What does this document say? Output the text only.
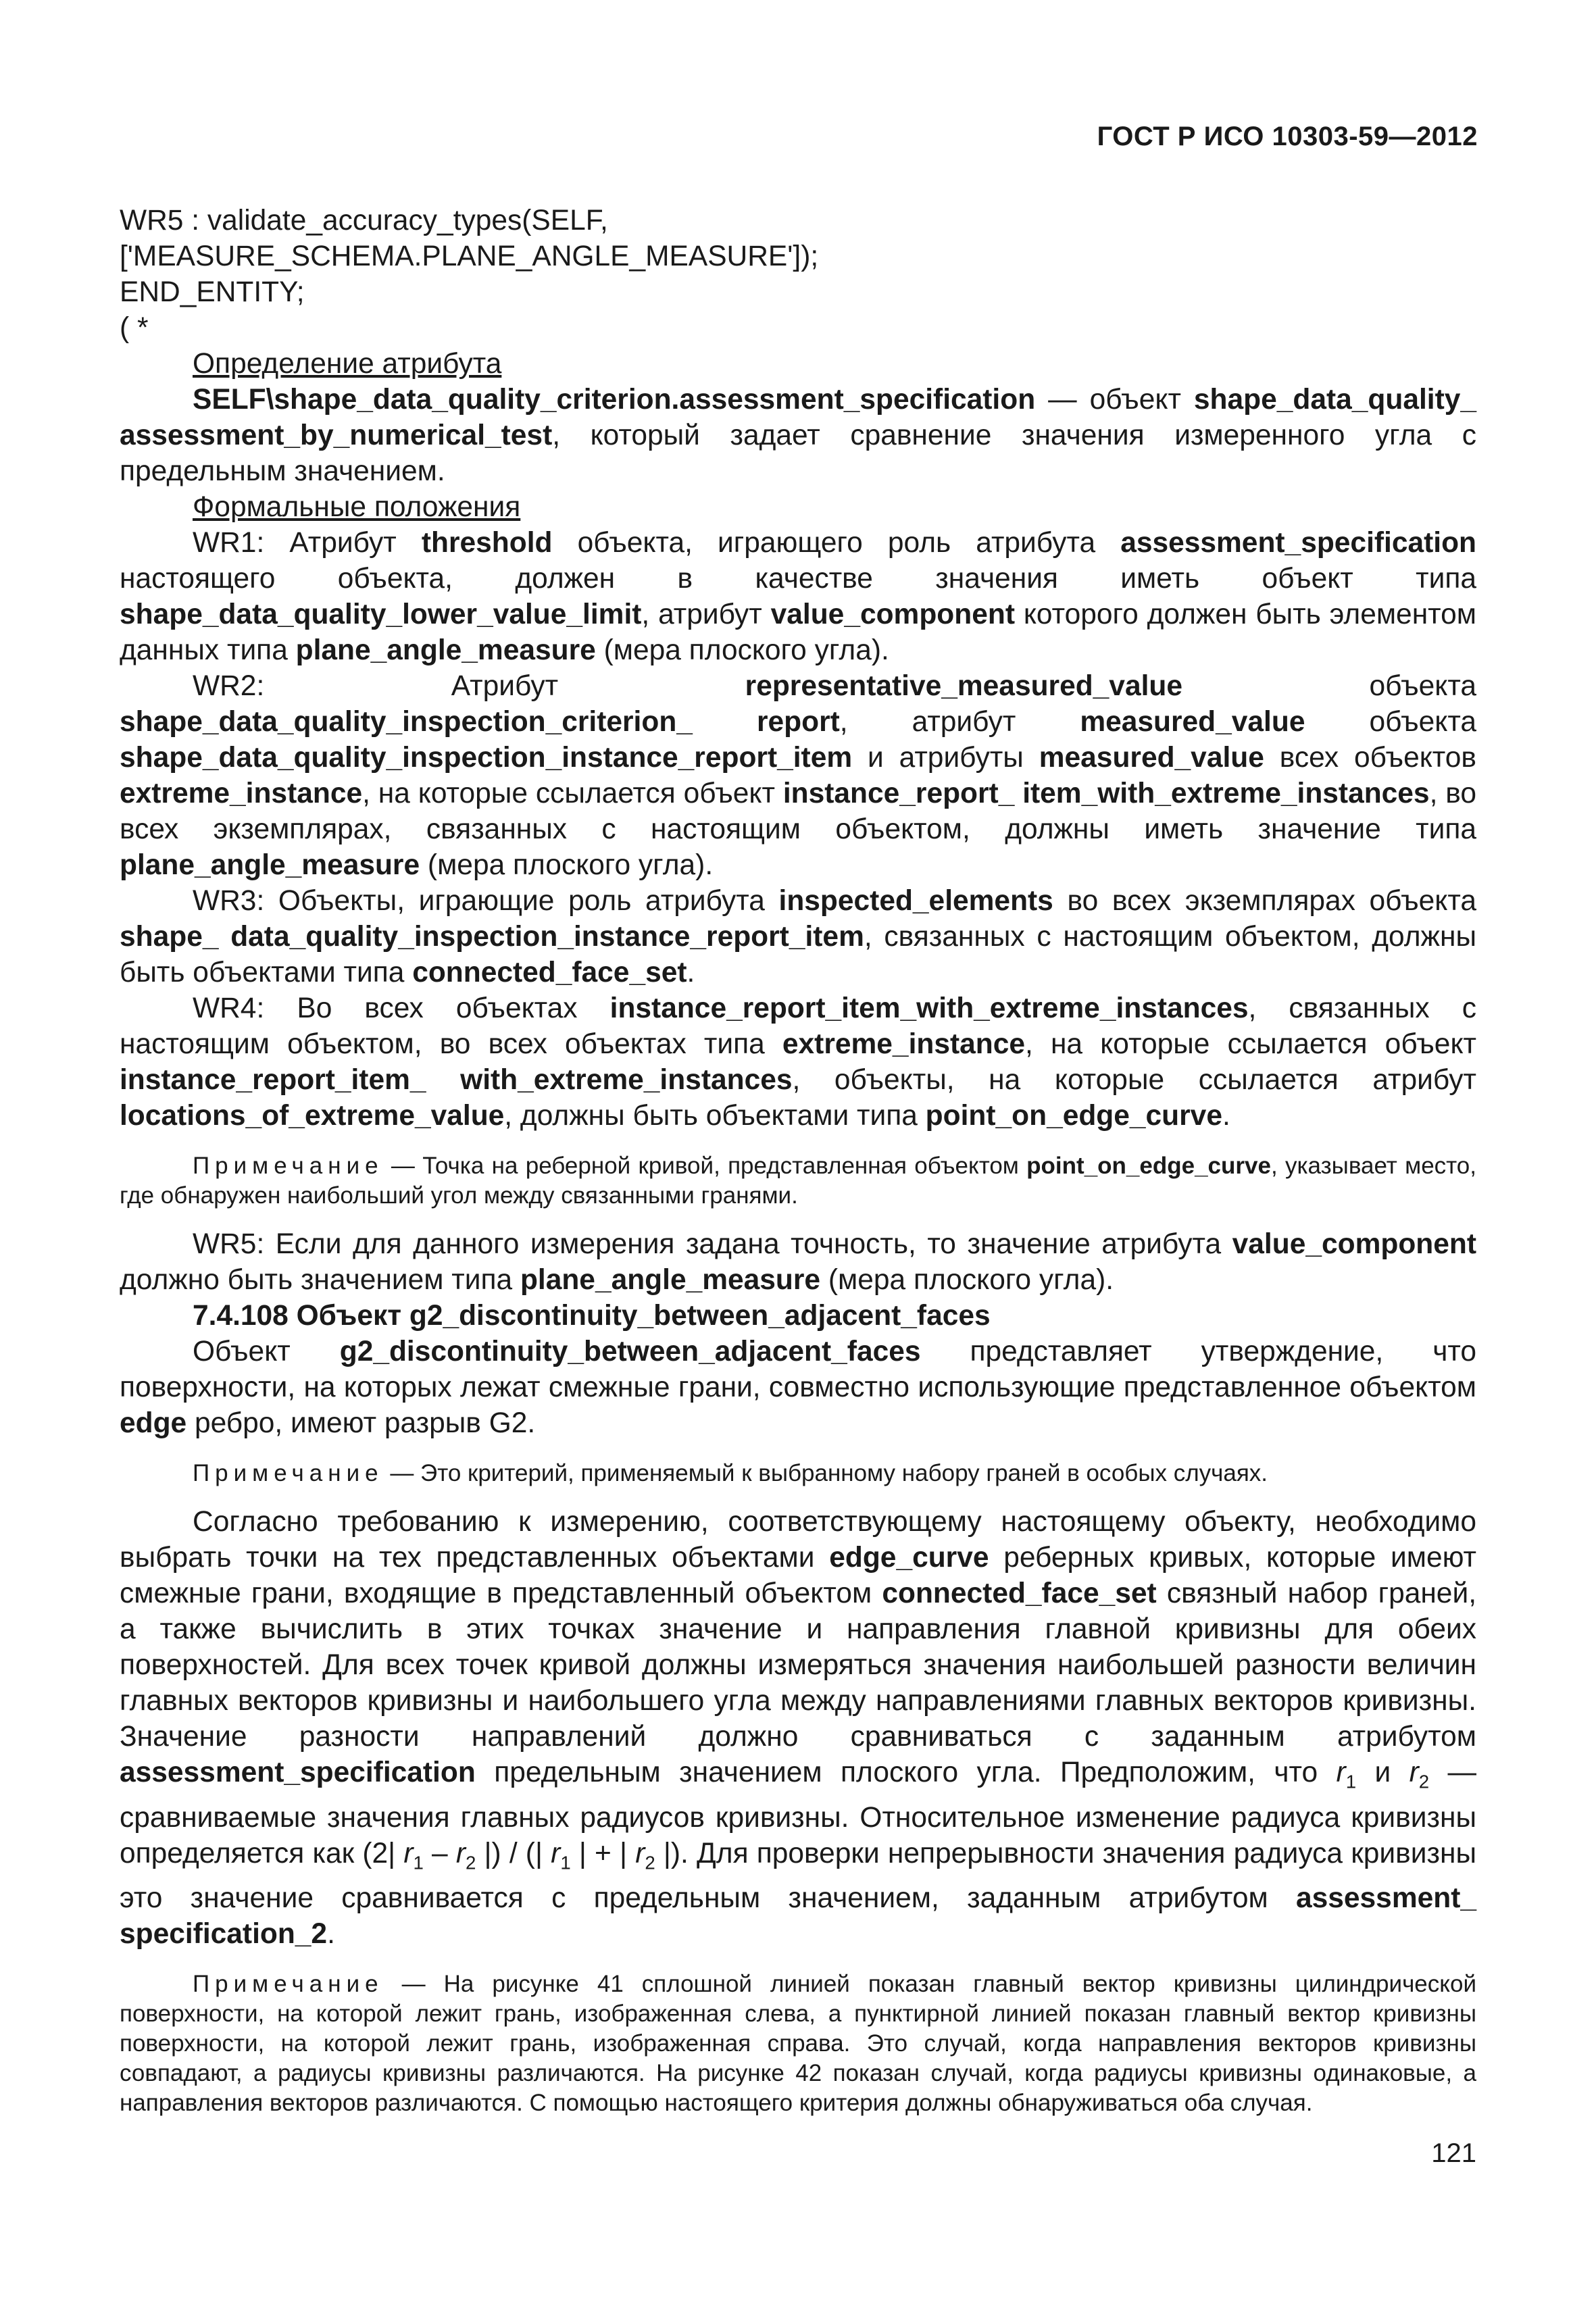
ГОСТ Р ИСО 10303-59—2012

WR5 : validate_accuracy_types(SELF,

['MEASURE_SCHEMA.PLANE_ANGLE_MEASURE']);

END_ENTITY;

( *

Определение атрибута

SELF\shape_data_quality_criterion.assessment_specification — объект shape_data_quality_ assessment_by_numerical_test, который задает сравнение значения измеренного угла с предельным значением.

Формальные положения

WR1: Атрибут threshold объекта, играющего роль атрибута assessment_specification настоящего объекта, должен в качестве значения иметь объект типа shape_data_quality_lower_value_limit, атрибут value_component которого должен быть элементом данных типа plane_angle_measure (мера плоского угла).

WR2: Атрибут representative_measured_value объекта shape_data_quality_inspection_criterion_ report, атрибут measured_value объекта shape_data_quality_inspection_instance_report_item и атрибуты measured_value всех объектов extreme_instance, на которые ссылается объект instance_report_ item_with_extreme_instances, во всех экземплярах, связанных с настоящим объектом, должны иметь значение типа plane_angle_measure (мера плоского угла).

WR3: Объекты, играющие роль атрибута inspected_elements во всех экземплярах объекта shape_ data_quality_inspection_instance_report_item, связанных с настоящим объектом, должны быть объектами типа connected_face_set.

WR4: Во всех объектах instance_report_item_with_extreme_instances, связанных с настоящим объектом, во всех объектах типа extreme_instance, на которые ссылается объект instance_report_item_ with_extreme_instances, объекты, на которые ссылается атрибут locations_of_extreme_value, должны быть объектами типа point_on_edge_curve.

Примечание — Точка на реберной кривой, представленная объектом point_on_edge_curve, указывает место, где обнаружен наибольший угол между связанными гранями.

WR5: Если для данного измерения задана точность, то значение атрибута value_component должно быть значением типа plane_angle_measure (мера плоского угла).

7.4.108 Объект g2_discontinuity_between_adjacent_faces

Объект g2_discontinuity_between_adjacent_faces представляет утверждение, что поверхности, на которых лежат смежные грани, совместно использующие представленное объектом edge ребро, имеют разрыв G2.

Примечание — Это критерий, применяемый к выбранному набору граней в особых случаях.

Согласно требованию к измерению, соответствующему настоящему объекту, необходимо выбрать точки на тех представленных объектами edge_curve реберных кривых, которые имеют смежные грани, входящие в представленный объектом connected_face_set связный набор граней, а также вычислить в этих точках значение и направления главной кривизны для обеих поверхностей. Для всех точек кривой должны измеряться значения наибольшей разности величин главных векторов кривизны и наибольшего угла между направлениями главных векторов кривизны. Значение разности направлений должно сравниваться с заданным атрибутом assessment_specification предельным значением плоского угла. Предположим, что $r_1$ и $r_2$ — сравниваемые значения главных радиусов кривизны. Относительное изменение радиуса кривизны определяется как (2| $r_1 - r_2$ |) / (| $r_1$ | + | $r_2$ |). Для проверки непрерывности значения радиуса кривизны это значение сравнивается с предельным значением, заданным атрибутом assessment_ specification_2.

Примечание — На рисунке 41 сплошной линией показан главный вектор кривизны цилиндрической поверхности, на которой лежит грань, изображенная слева, а пунктирной линией показан главный вектор кривизны поверхности, на которой лежит грань, изображенная справа. Это случай, когда направления векторов кривизны совпадают, а радиусы кривизны различаются. На рисунке 42 показан случай, когда радиусы кривизны одинаковые, а направления векторов различаются. С помощью настоящего критерия должны обнаруживаться оба случая.

121
